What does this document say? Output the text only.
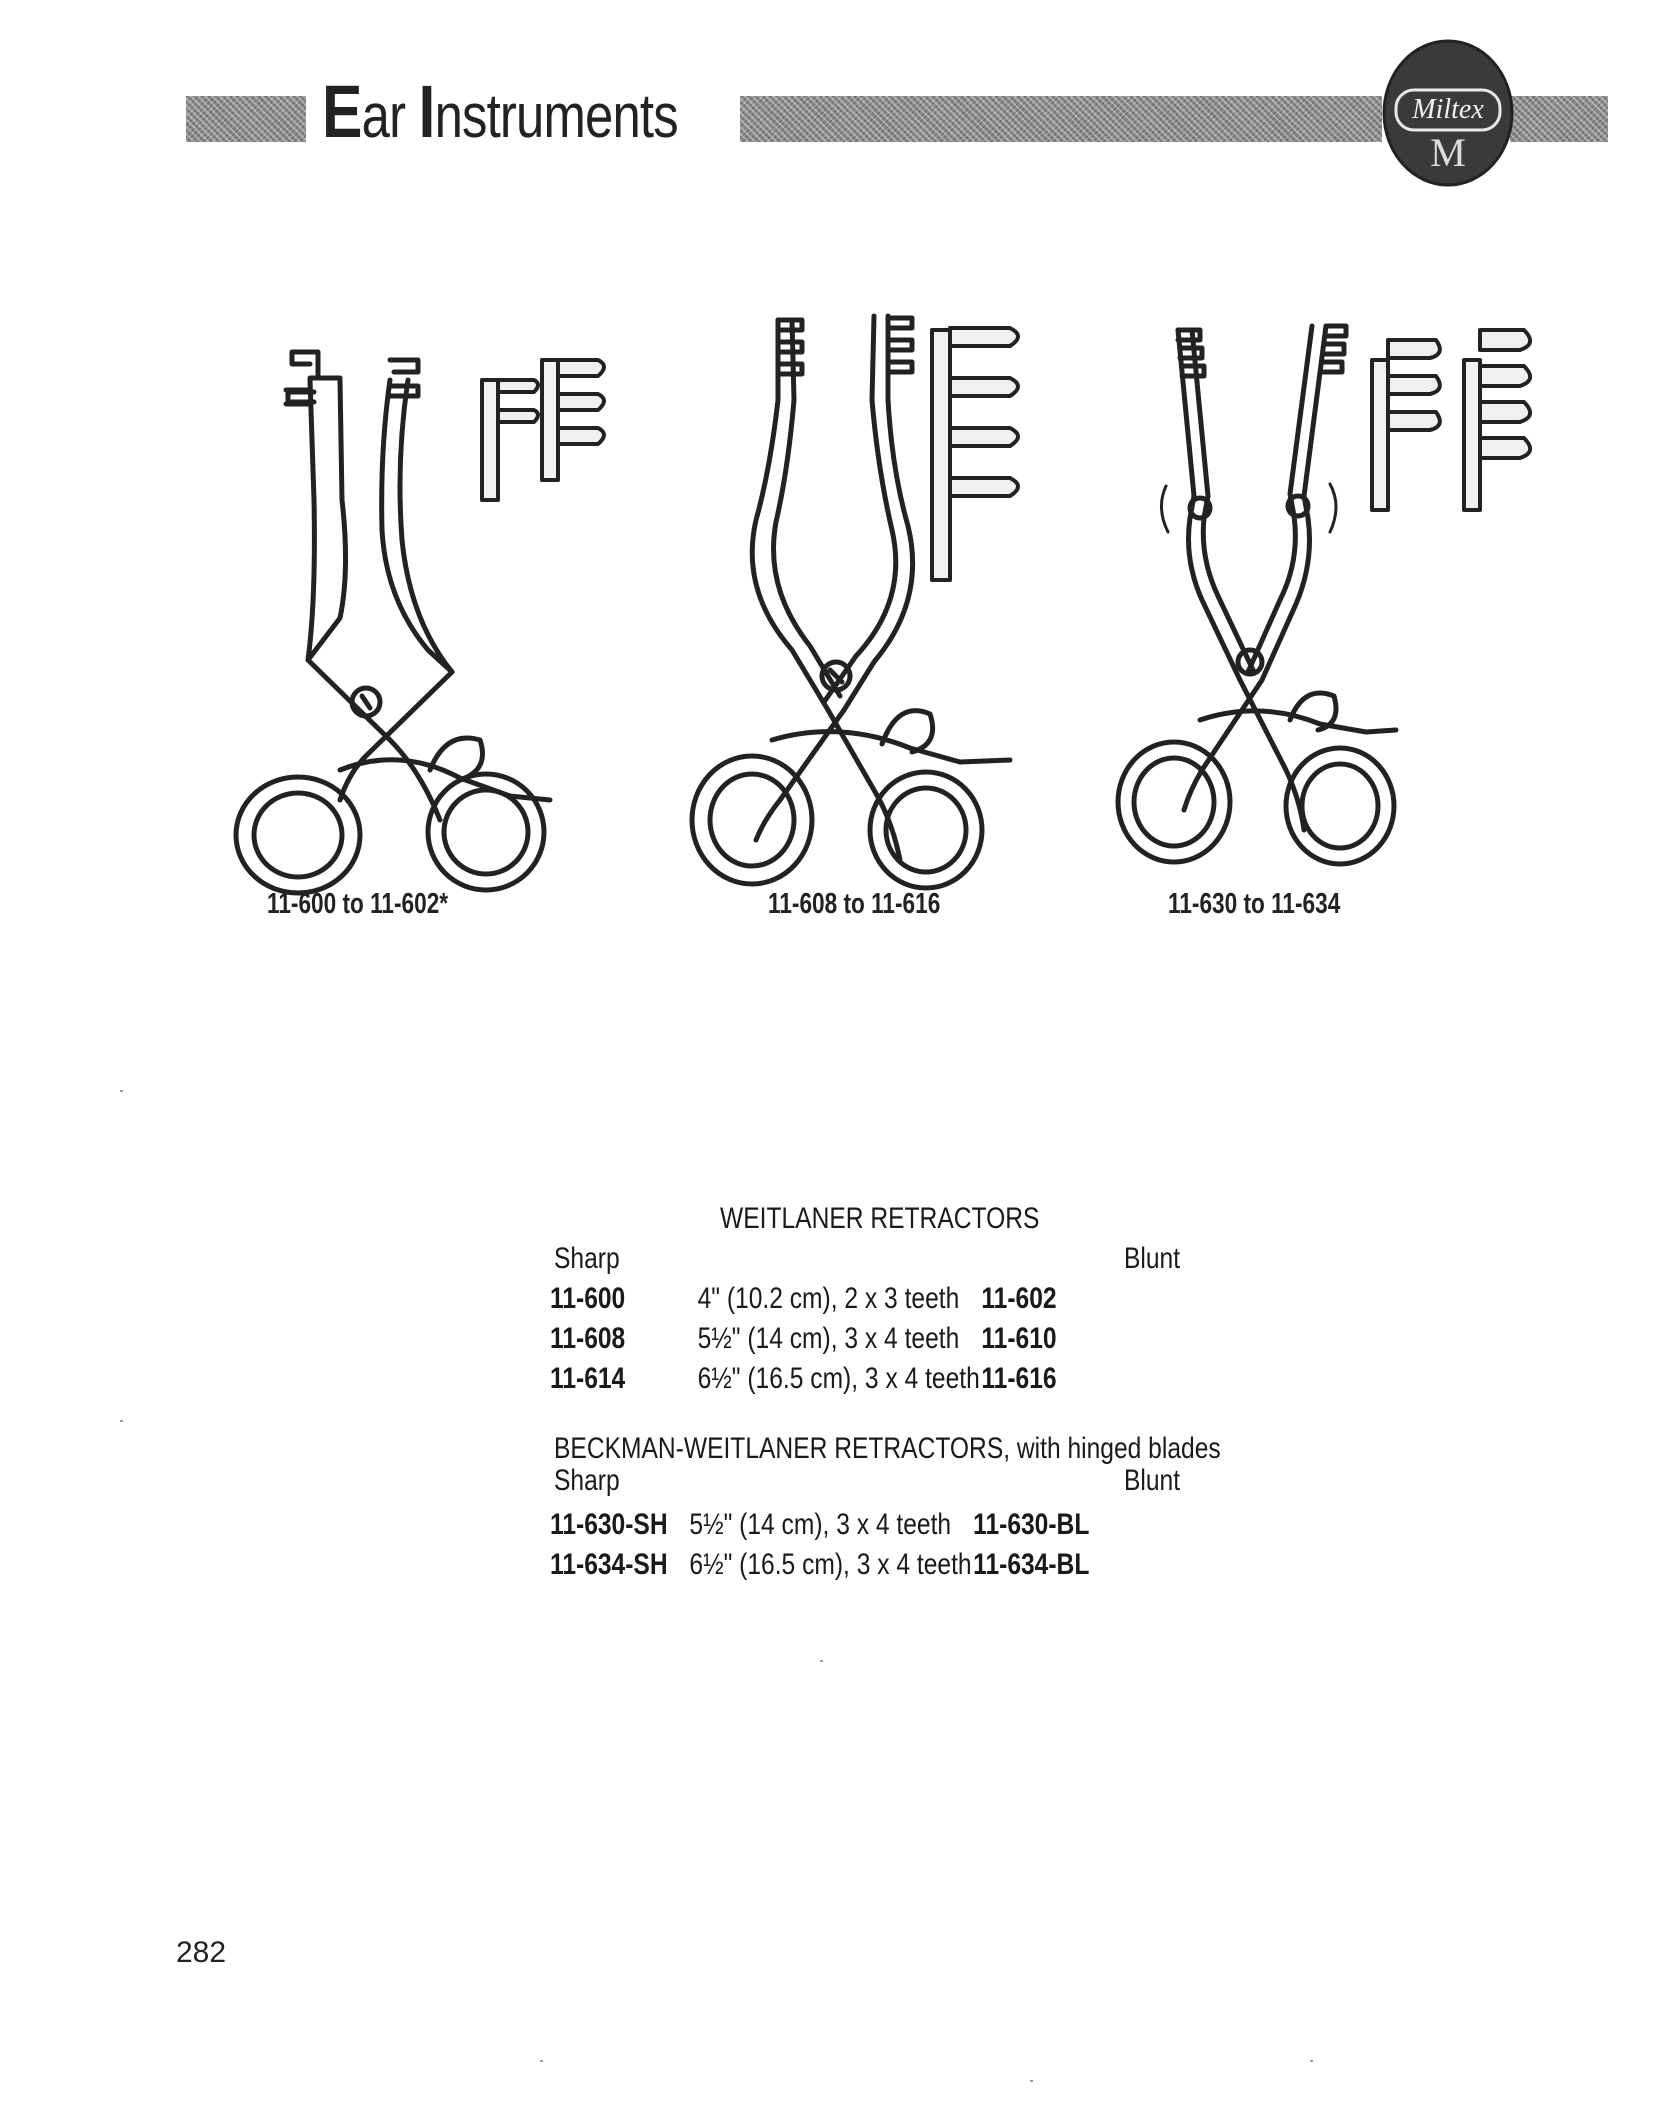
Ear Instruments	Miltex
M
11-600 to 11-602*	11-608 to 11-616	11-630 to 11-634
WEITLANER RETRACTORS
Sharp	Blunt
11-600 4" (10.2 cm), 2 x 3 teeth 11-602
11-608 5½" (14 cm), 3 x 4 teeth 11-610
11-614 6½" (16.5 cm), 3 x 4 teeth 11-616
BECKMAN-WEITLANER RETRACTORS, with hinged blades
Sharp	Blunt
11-630-SH 5½" (14 cm), 3 x 4 teeth 11-630-BL
11-634-SH 6½" (16.5 cm), 3 x 4 teeth 11-634-BL
282
